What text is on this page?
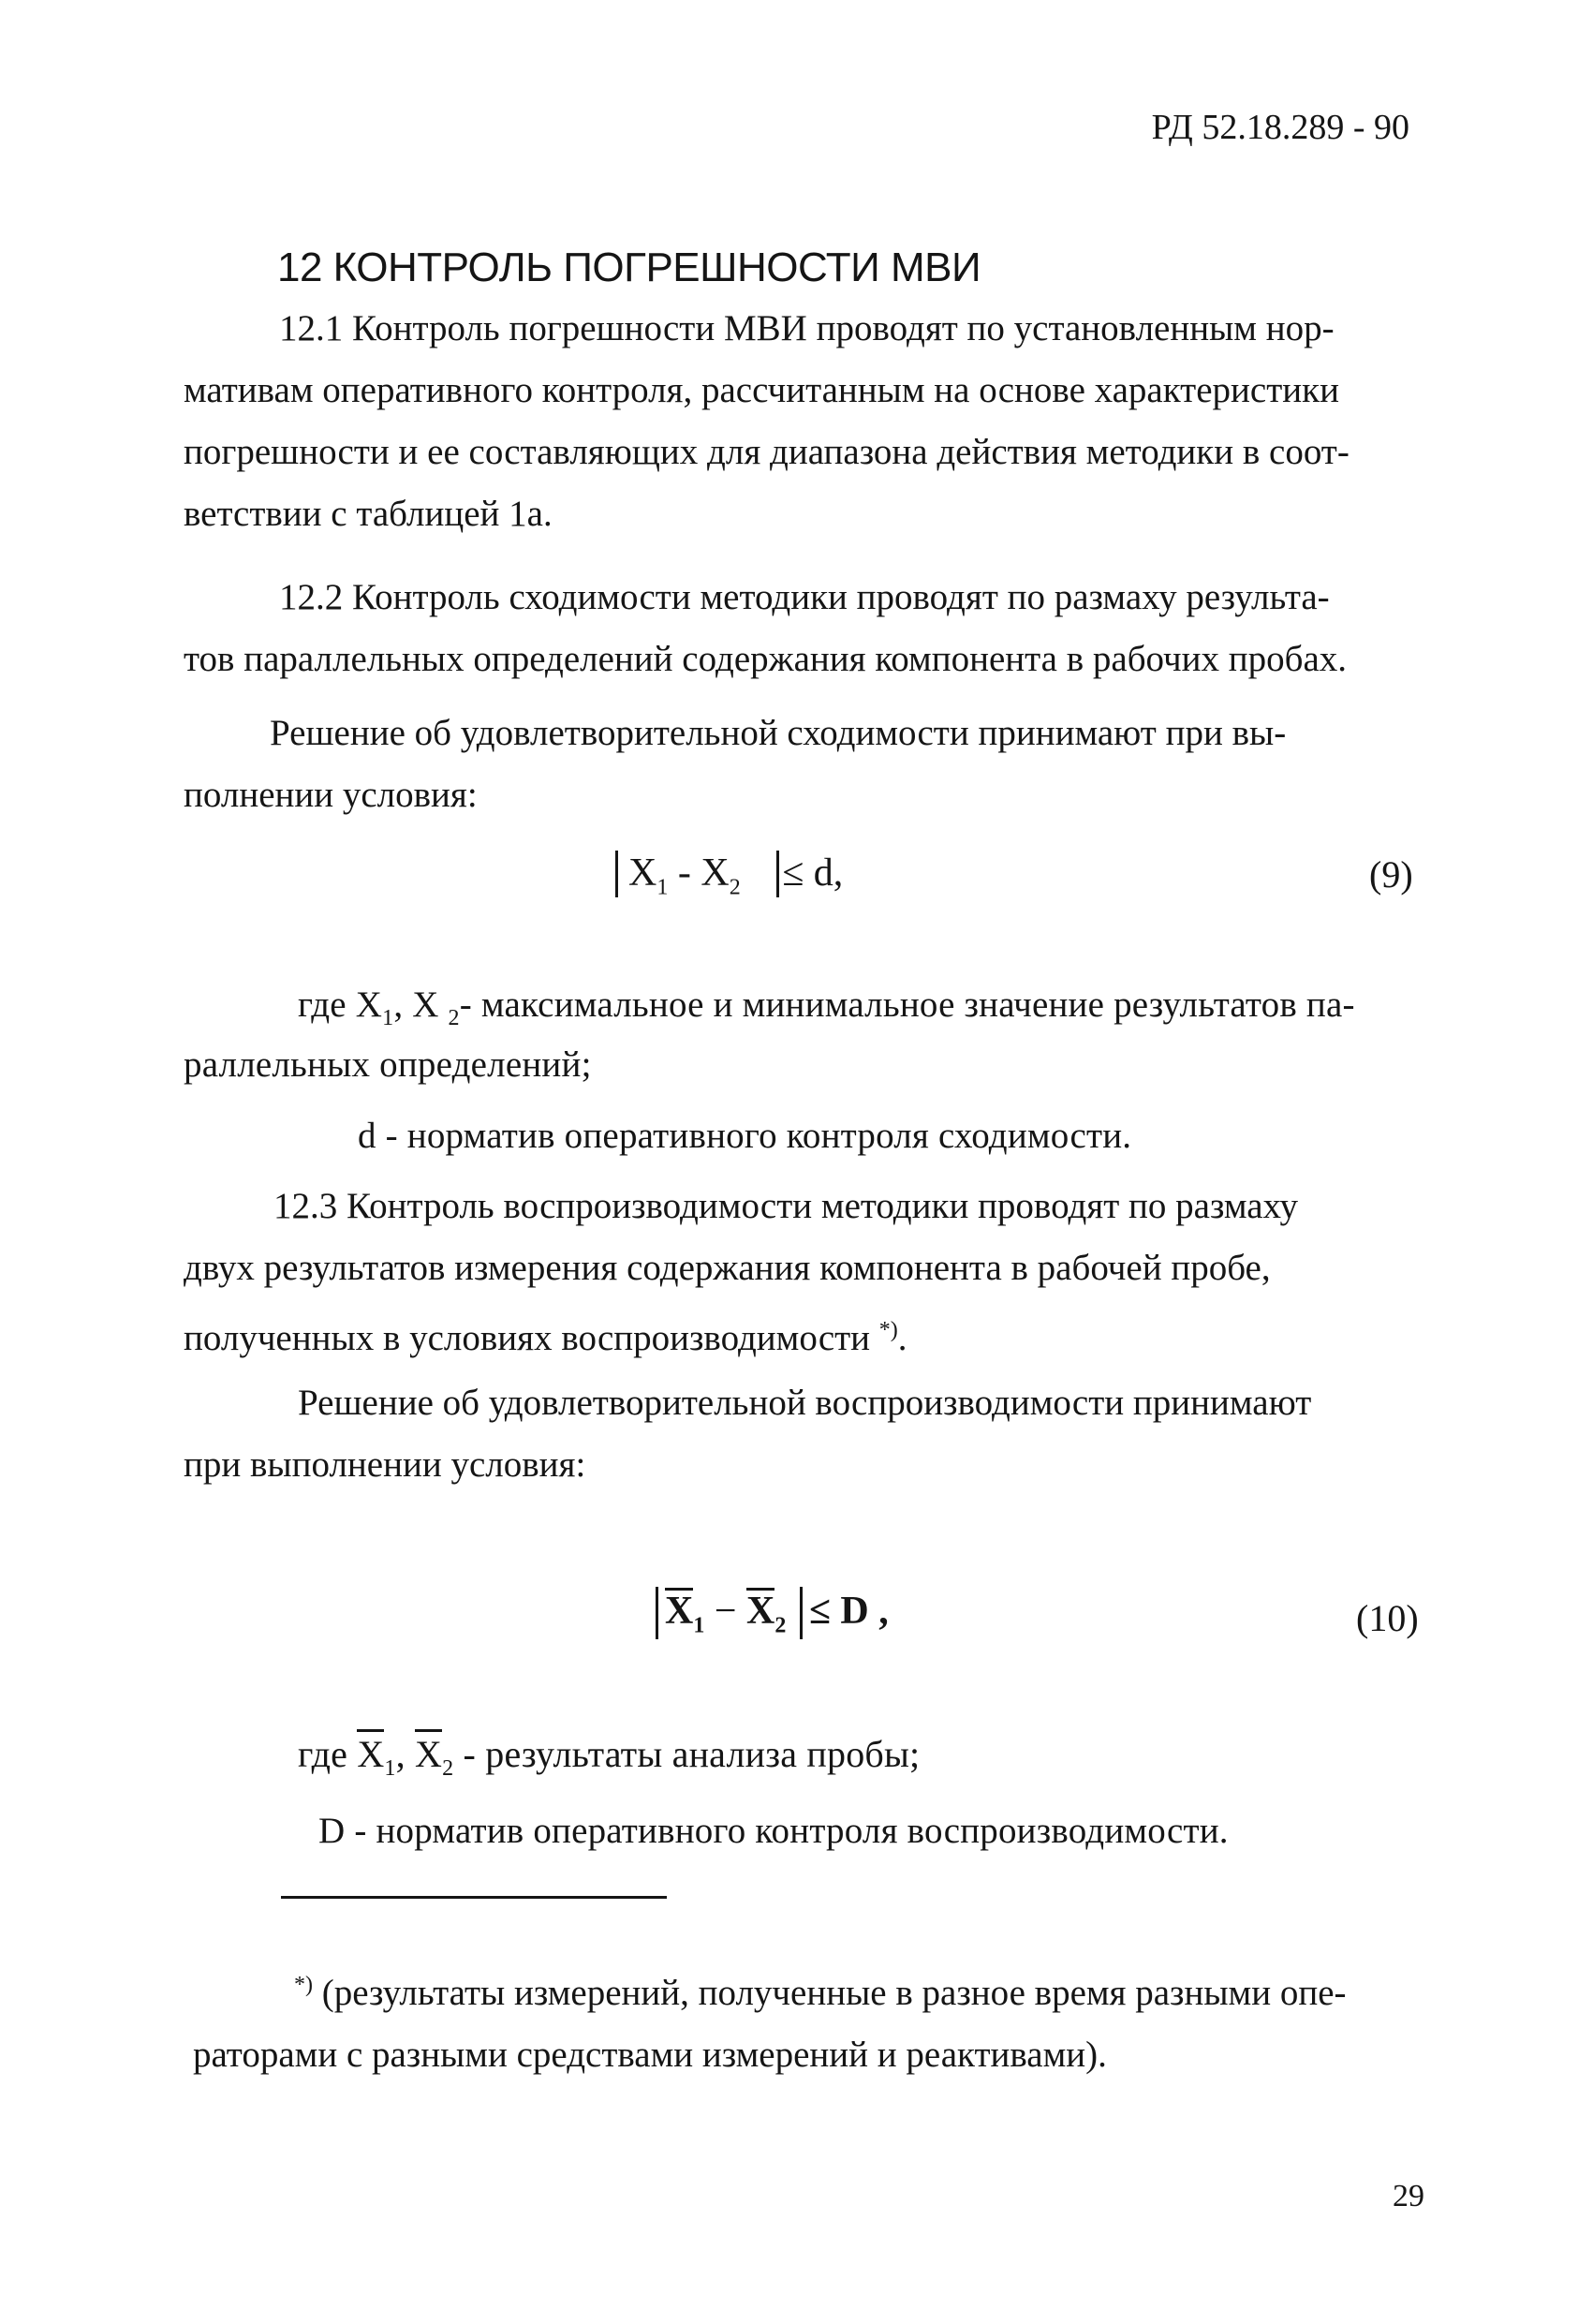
РД 52.18.289 - 90
12 КОНТРОЛЬ ПОГРЕШНОСТИ МВИ
12.1 Контроль погрешности МВИ проводят по установленным нор-
мативам оперативного контроля, рассчитанным на основе характеристики
погрешности и ее составляющих для диапазона действия методики в соот-
ветствии с таблицей 1а.
12.2 Контроль сходимости методики проводят по размаху результа-
тов параллельных определений содержания компонента в рабочих пробах.
Решение об удовлетворительной сходимости принимают при вы-
полнении условия:
$X_1 - X_2 \le d$,	(9)
где $X_1$, X $_2$- максимальное и минимальное значение результатов па-
раллельных определений;
d - норматив оперативного контроля сходимости.
12.3 Контроль воспроизводимости методики проводят по размаху
двух результатов измерения содержания компонента в рабочей пробе,
полученных в условиях воспроизводимости *).
Решение об удовлетворительной воспроизводимости принимают
при выполнении условия:
$X_1 - X_2 \le D$ ,	(10)
где $X_1$, $X_2$ - результаты анализа пробы;
D - норматив оперативного контроля воспроизводимости.
*) (результаты измерений, полученные в разное время разными опе-
раторами с разными средствами измерений и реактивами).
29
